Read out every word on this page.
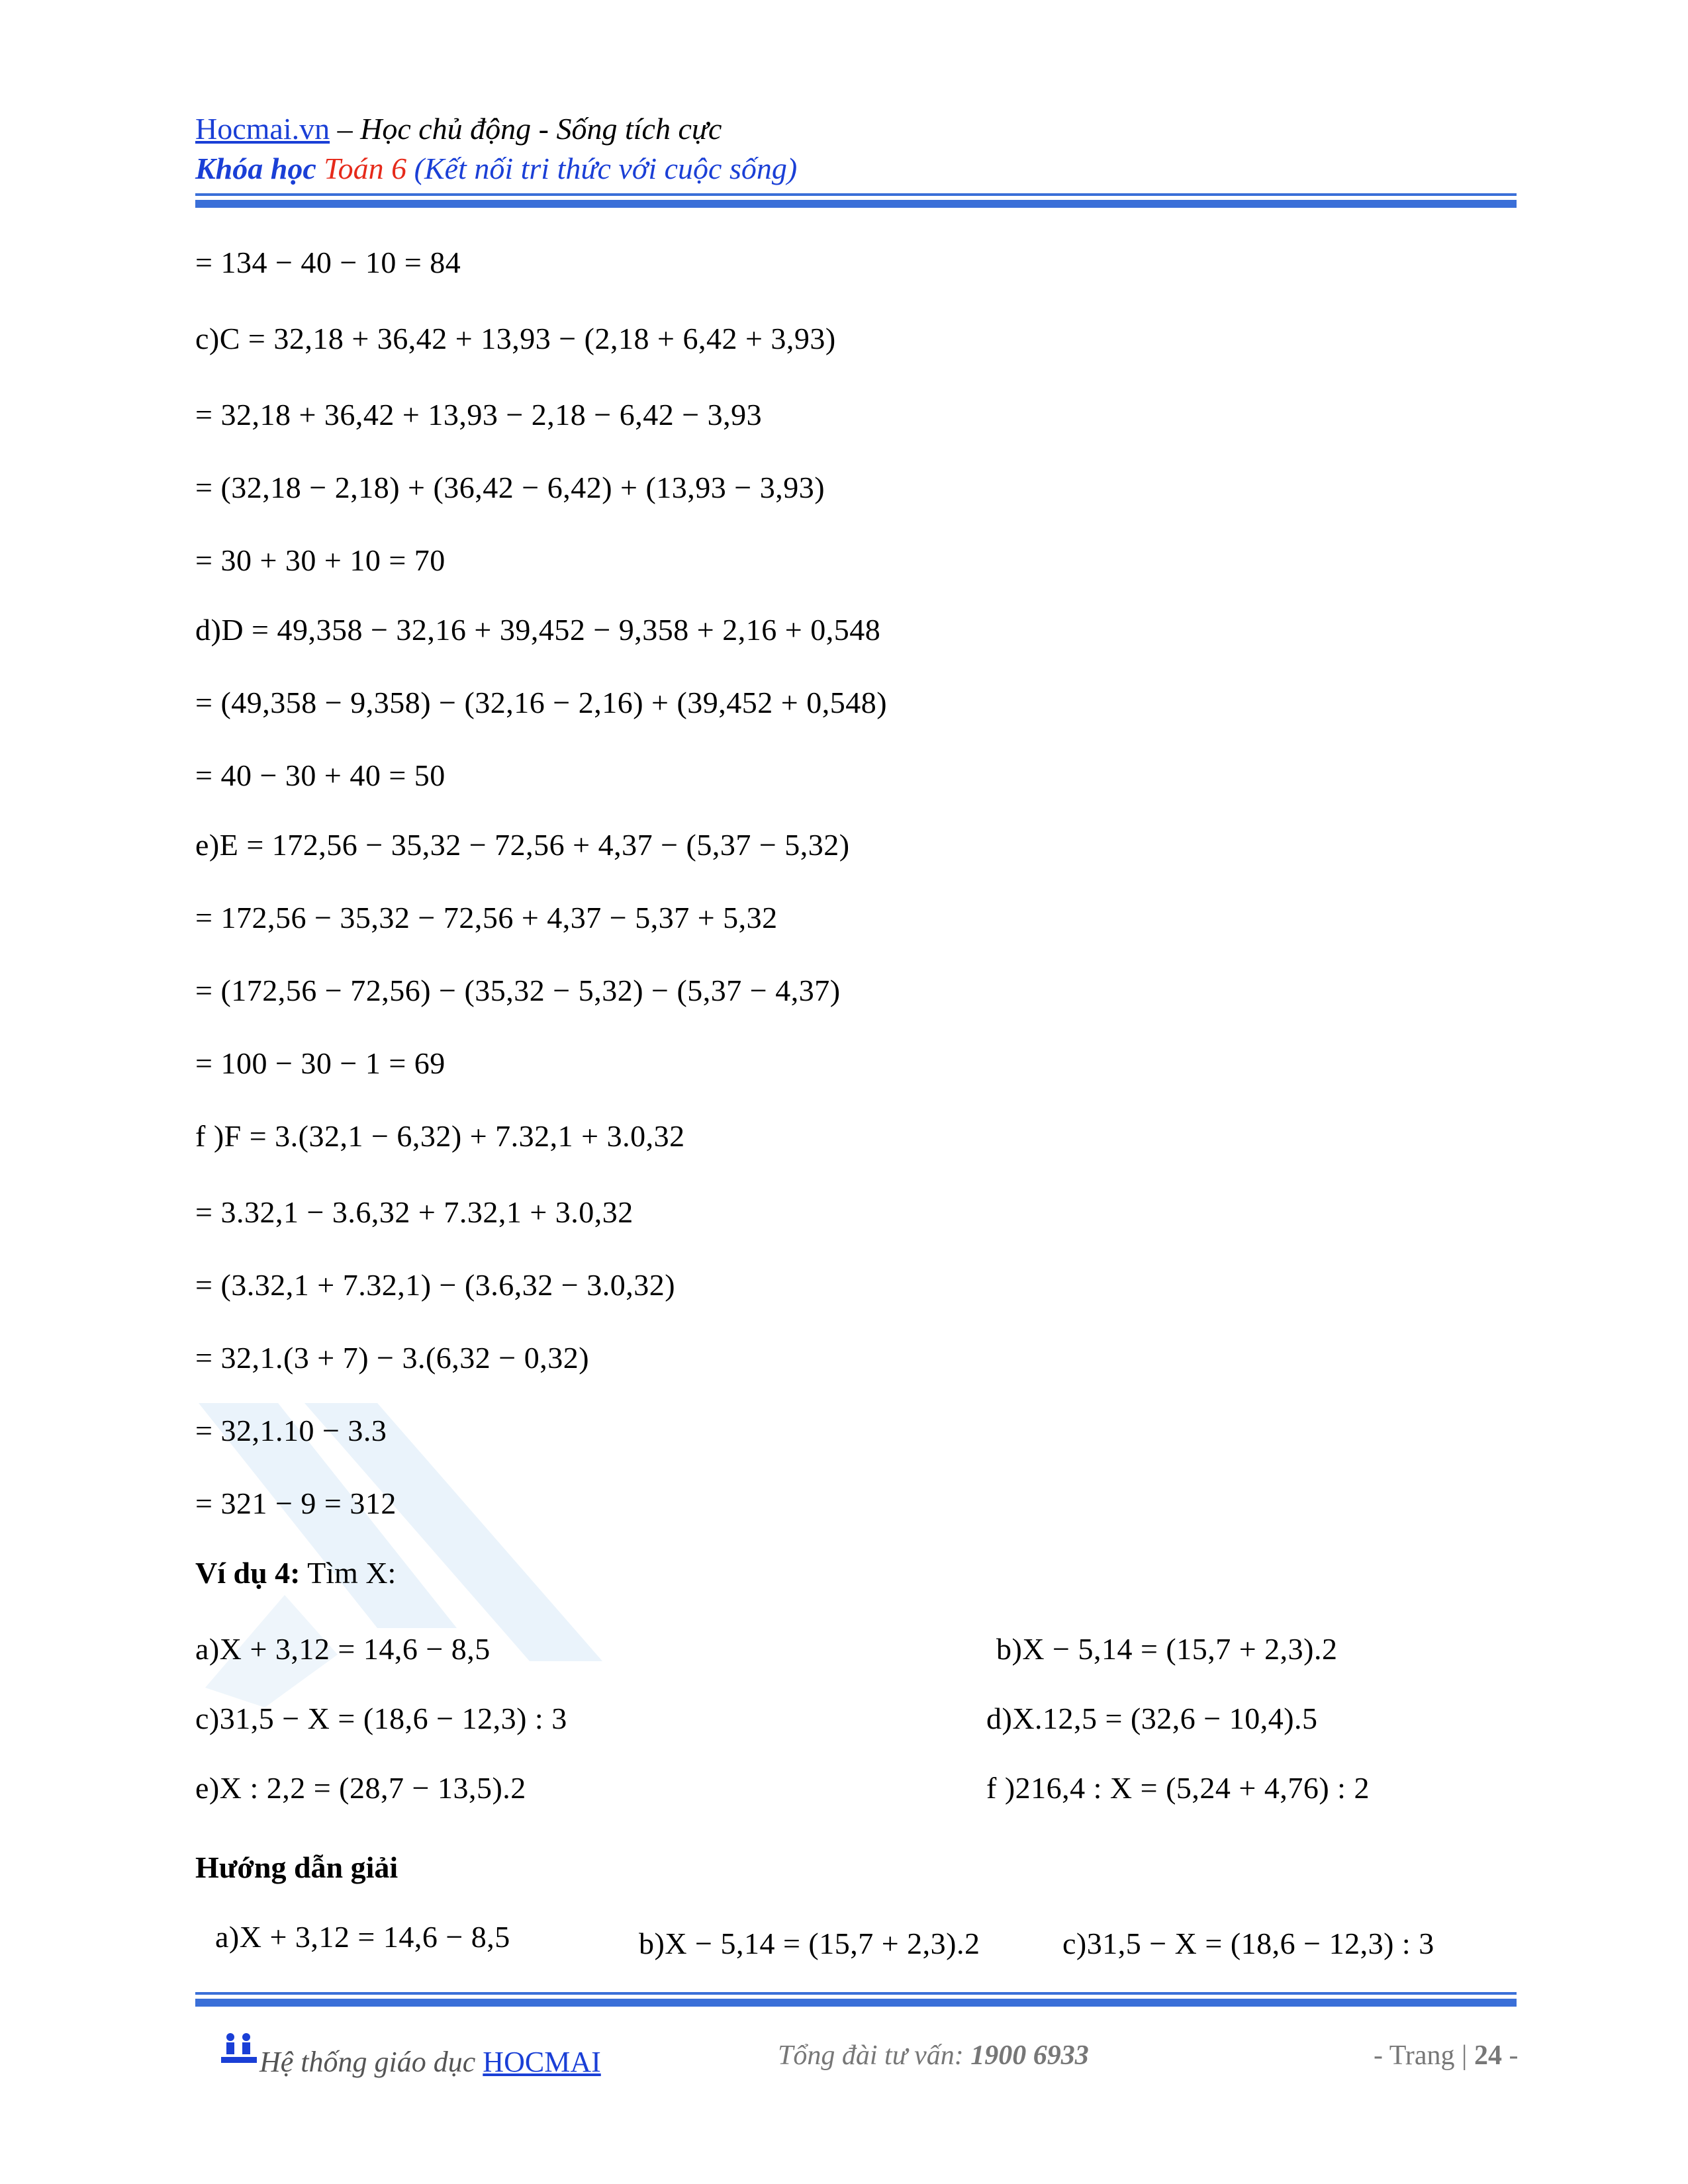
Hocmai.vn – Học chủ động - Sống tích cực
Khóa học Toán 6 (Kết nối tri thức với cuộc sống)
= 134 − 40 − 10 = 84
c)C = 32,18 + 36,42 + 13,93 − (2,18 + 6,42 + 3,93)
= 32,18 + 36,42 + 13,93 − 2,18 − 6,42 − 3,93
= (32,18 − 2,18) + (36,42 − 6,42) + (13,93 − 3,93)
= 30 + 30 + 10 = 70
d)D = 49,358 − 32,16 + 39,452 − 9,358 + 2,16 + 0,548
= (49,358 − 9,358) − (32,16 − 2,16) + (39,452 + 0,548)
= 40 − 30 + 40 = 50
e)E = 172,56 − 35,32 − 72,56 + 4,37 − (5,37 − 5,32)
= 172,56 − 35,32 − 72,56 + 4,37 − 5,37 + 5,32
= (172,56 − 72,56) − (35,32 − 5,32) − (5,37 − 4,37)
= 100 − 30 − 1 = 69
f )F = 3.(32,1 − 6,32) + 7.32,1 + 3.0,32
= 3.32,1 − 3.6,32 + 7.32,1 + 3.0,32
= (3.32,1 + 7.32,1) − (3.6,32 − 3.0,32)
= 32,1.(3 + 7) − 3.(6,32 − 0,32)
= 32,1.10 − 3.3
= 321 − 9 = 312
Ví dụ 4: Tìm X:
a)X + 3,12 = 14,6 − 8,5	b)X − 5,14 = (15,7 + 2,3).2
c)31,5 − X = (18,6 − 12,3) : 3	d)X.12,5 = (32,6 − 10,4).5
e)X : 2,2 = (28,7 − 13,5).2	f )216,4 : X = (5,24 + 4,76) : 2
Hướng dẫn giải
a)X + 3,12 = 14,6 − 8,5	b)X − 5,14 = (15,7 + 2,3).2	c)31,5 − X = (18,6 − 12,3) : 3
Hệ thống giáo dục HOCMAI	Tổng đài tư vấn: 1900 6933	- Trang | 24 -
